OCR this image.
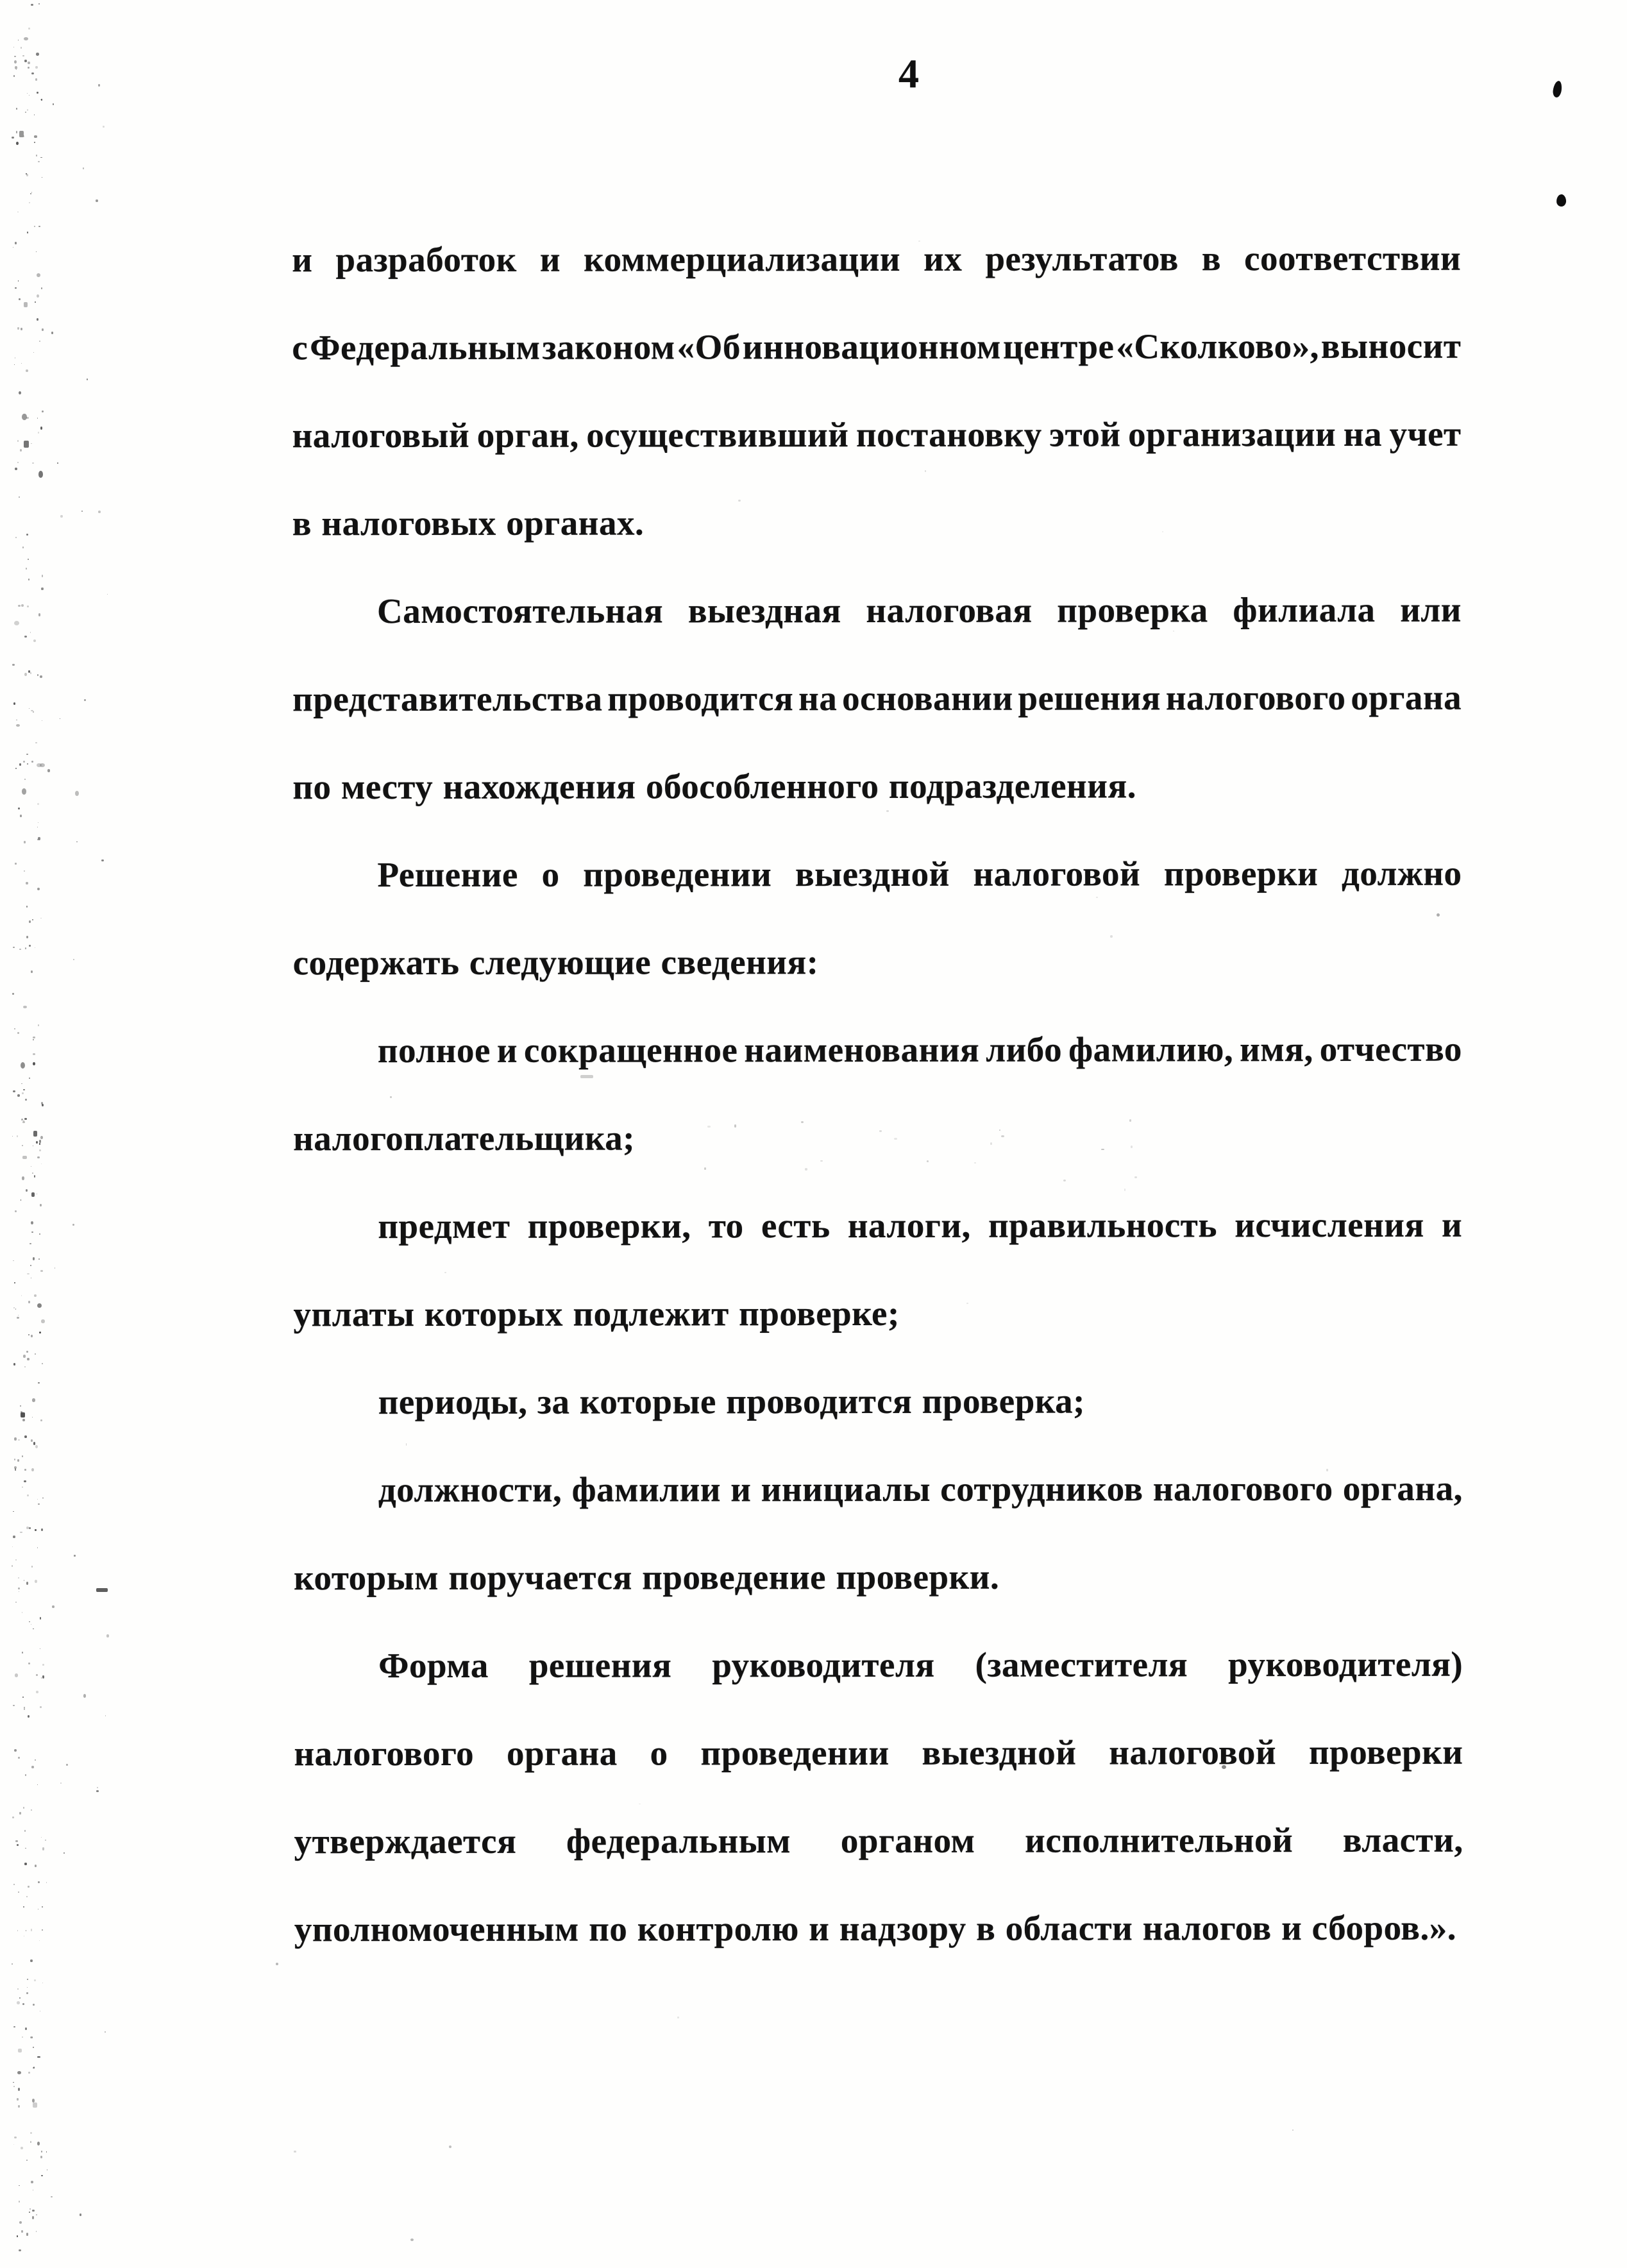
4
и разработок и коммерциализации их результатов в соответствии
с Федеральным законом «Об инновационном центре «Сколково», выносит
налоговый орган, осуществивший постановку этой организации на учет
в налоговых органах.
Самостоятельная выездная налоговая проверка филиала или
представительства проводится на основании решения налогового органа
по месту нахождения обособленного подразделения.
Решение о проведении выездной налоговой проверки должно
содержать следующие сведения:
полное и сокращенное наименования либо фамилию, имя, отчество
налогоплательщика;
предмет проверки, то есть налоги, правильность исчисления и
уплаты которых подлежит проверке;
периоды, за которые проводится проверка;
должности, фамилии и инициалы сотрудников налогового органа,
которым поручается проведение проверки.
Форма решения руководителя (заместителя руководителя)
налогового органа о проведении выездной налоговой проверки
утверждается федеральным органом исполнительной власти,
уполномоченным по контролю и надзору в области налогов и сборов.».
